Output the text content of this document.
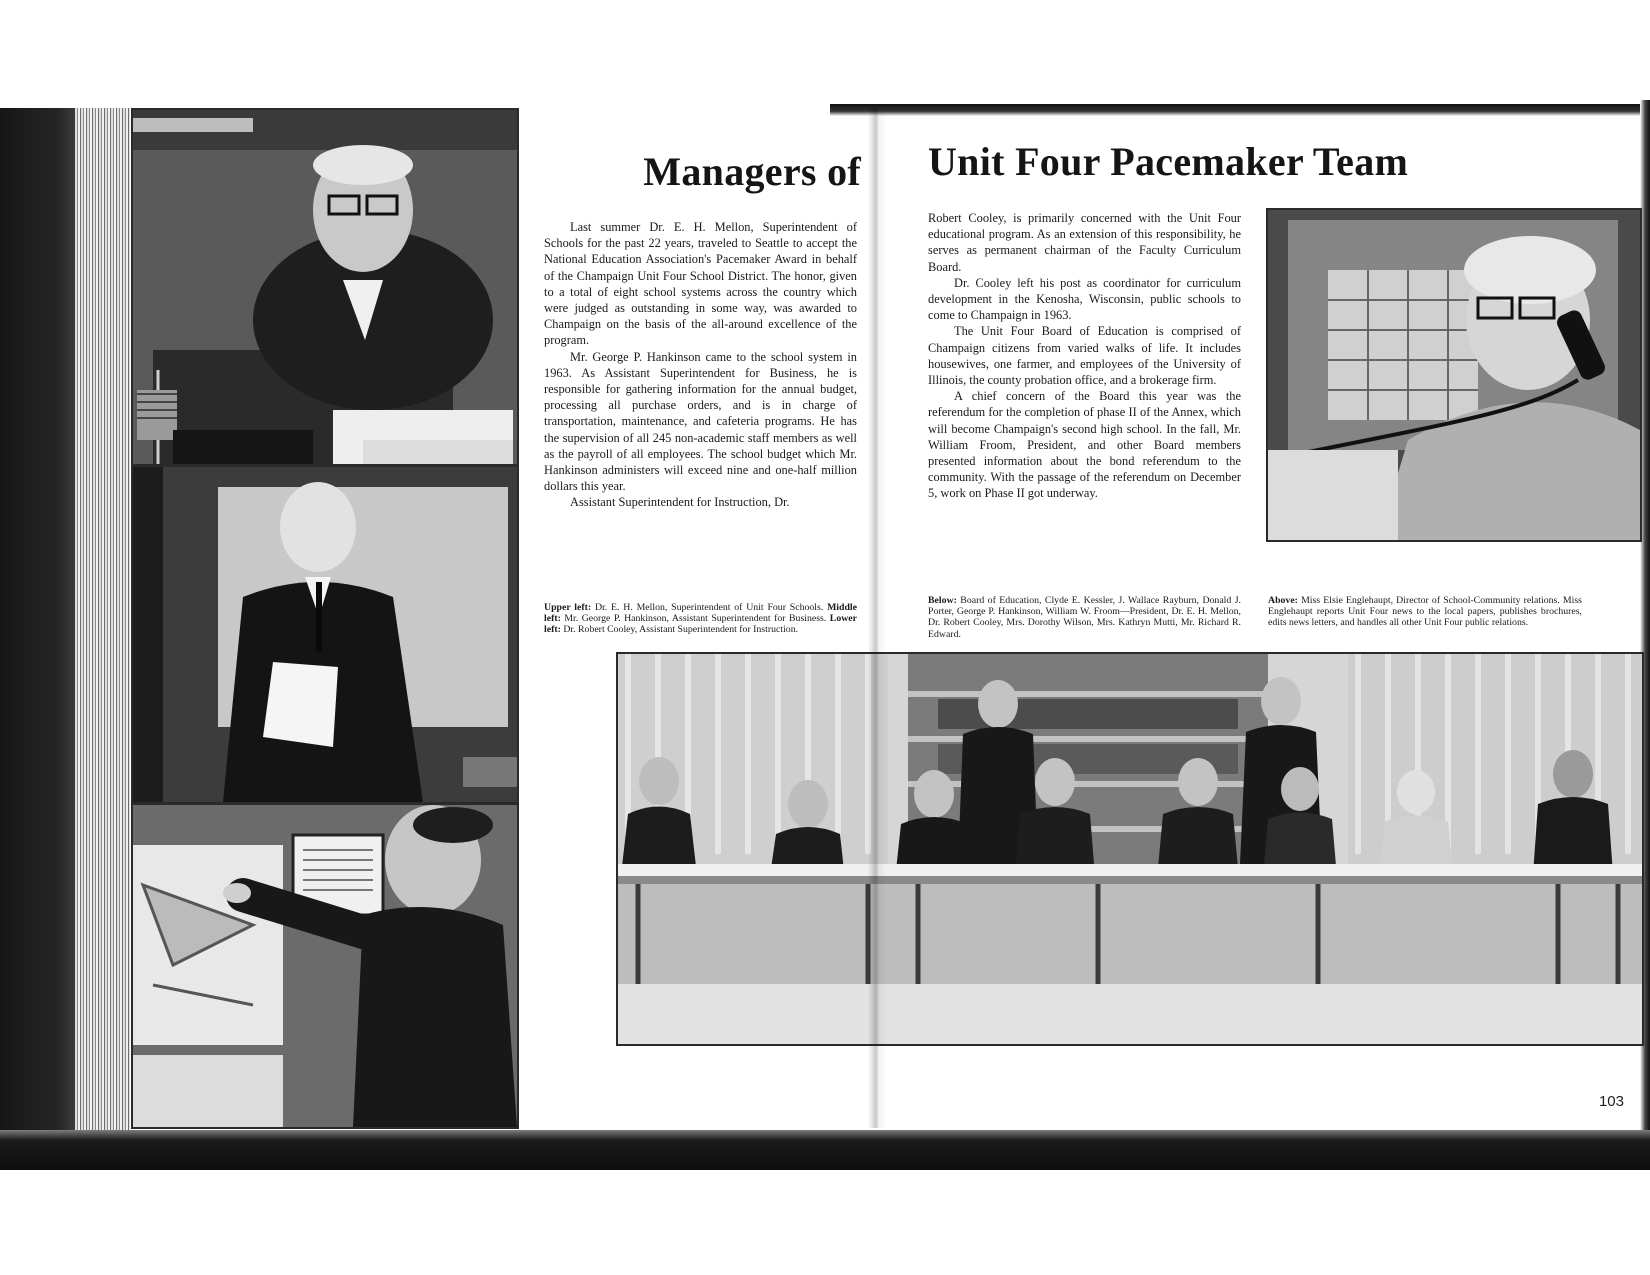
Managers of

Last summer Dr. E. H. Mellon, Superintendent of Schools for the past 22 years, traveled to Seattle to accept the National Education Association's Pacemaker Award in behalf of the Champaign Unit Four School District. The honor, given to a total of eight school systems across the country which were judged as outstanding in some way, was awarded to Champaign on the basis of the all-around excellence of the program.

Mr. George P. Hankinson came to the school system in 1963. As Assistant Superintendent for Business, he is responsible for gathering information for the annual budget, processing all purchase orders, and is in charge of transportation, maintenance, and cafeteria programs. He has the supervision of all 245 non-academic staff members as well as the payroll of all employees. The school budget which Mr. Hankinson administers will exceed nine and one-half million dollars this year.

Assistant Superintendent for Instruction, Dr.

Upper left: Dr. E. H. Mellon, Superintendent of Unit Four Schools. Middle left: Mr. George P. Hankinson, Assistant Superintendent for Business. Lower left: Dr. Robert Cooley, Assistant Superintendent for Instruction.
Unit Four Pacemaker Team

Robert Cooley, is primarily concerned with the Unit Four educational program. As an extension of this responsibility, he serves as permanent chairman of the Faculty Curriculum Board.

Dr. Cooley left his post as coordinator for curriculum development in the Kenosha, Wisconsin, public schools to come to Champaign in 1963.

The Unit Four Board of Education is comprised of Champaign citizens from varied walks of life. It includes housewives, one farmer, and employees of the University of Illinois, the county probation office, and a brokerage firm.

A chief concern of the Board this year was the referendum for the completion of phase II of the Annex, which will become Champaign's second high school. In the fall, Mr. William Froom, President, and other Board members presented information about the bond referendum to the community. With the passage of the referendum on December 5, work on Phase II got underway.

Below: Board of Education, Clyde E. Kessler, J. Wallace Rayburn, Donald J. Porter, George P. Hankinson, William W. Froom—President, Dr. E. H. Mellon, Dr. Robert Cooley, Mrs. Dorothy Wilson, Mrs. Kathryn Mutti, Mr. Richard R. Edward.
Above: Miss Elsie Englehaupt, Director of School-Community relations. Miss Englehaupt reports Unit Four news to the local papers, publishes brochures, edits news letters, and handles all other Unit Four public relations.
103
